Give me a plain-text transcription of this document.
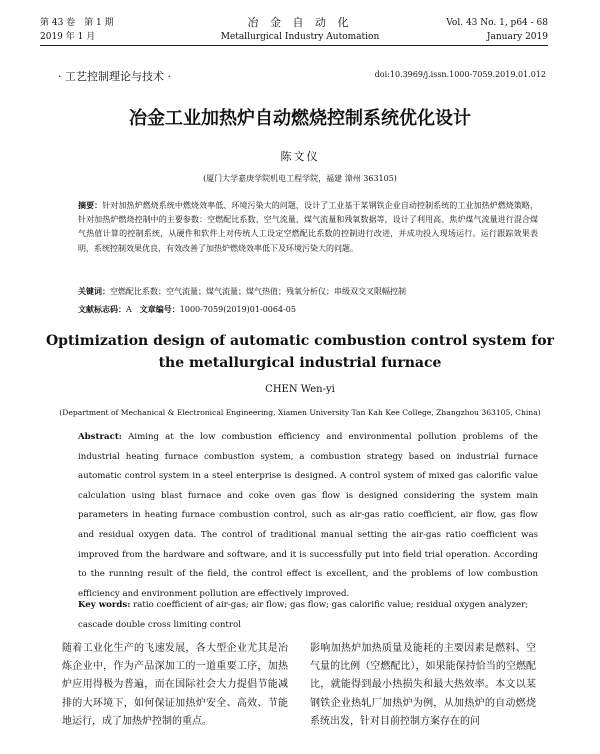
第 43 卷　第 1 期
2019 年 1 月
冶 金 自 动 化
Metallurgical Industry Automation
Vol. 43 No. 1, p64 - 68
January 2019
· 工艺控制理论与技术 ·	doi:10.3969/j.issn.1000-7059.2019.01.012
冶金工业加热炉自动燃烧控制系统优化设计
陈文仪
(厦门大学嘉庚学院机电工程学院，福建 漳州 363105)
摘要：针对加热炉燃烧系统中燃烧效率低、环境污染大的问题，设计了工业基于某钢铁企业自动控制系统的工业加热炉燃烧策略，针对加热炉燃烧控制中的主要参数：空燃配比系数、空气流量、煤气流量和残氧数据等，设计了利用高、焦炉煤气流量进行混合煤气热值计算的控制系统，从硬件和软件上对传统人工设定空燃配比系数的控制进行改进，并成功投入现场运行。运行跟踪效果表明，系统控制效果优良，有效改善了加热炉燃烧效率低下及环境污染大的问题。
关键词：空燃配比系数；空气流量；煤气流量；煤气热值；残氧分析仪；串级双交叉限幅控制
文献标志码：A  文章编号：1000-7059(2019)01-0064-05
Optimization design of automatic combustion control system for the metallurgical industrial furnace
CHEN Wen-yi
(Department of Mechanical & Electronical Engineering, Xiamen University Tan Kah Kee College, Zhangzhou 363105, China)
Abstract: Aiming at the low combustion efficiency and environmental pollution problems of the industrial heating furnace combustion system, a combustion strategy based on industrial furnace automatic control system in a steel enterprise is designed. A control system of mixed gas calorific value calculation using blast furnace and coke oven gas flow is designed considering the system main parameters in heating furnace combustion control, such as air-gas ratio coefficient, air flow, gas flow and residual oxygen data. The control of traditional manual setting the air-gas ratio coefficient was improved from the hardware and software, and it is successfully put into field trial operation. According to the running result of the field, the control effect is excellent, and the problems of low combustion efficiency and environment pollution are effectively improved.
Key words: ratio coefficient of air-gas; air flow; gas flow; gas calorific value; residual oxygen analyzer; cascade double cross limiting control
随着工业化生产的飞速发展，各大型企业尤其是冶炼企业中，作为产品深加工的一道重要工序，加热炉应用得极为普遍，而在国际社会大力提倡节能减排的大环境下，如何保证加热炉安全、高效、节能地运行，成了加热炉控制的重点。
影响加热炉加热质量及能耗的主要因素是燃料、空气量的比例（空燃配比），如果能保持恰当的空燃配比，就能得到最小热损失和最大热效率。本文以某钢铁企业热轧厂加热炉为例，从加热炉的自动燃烧系统出发，针对目前控制方案存在的问
